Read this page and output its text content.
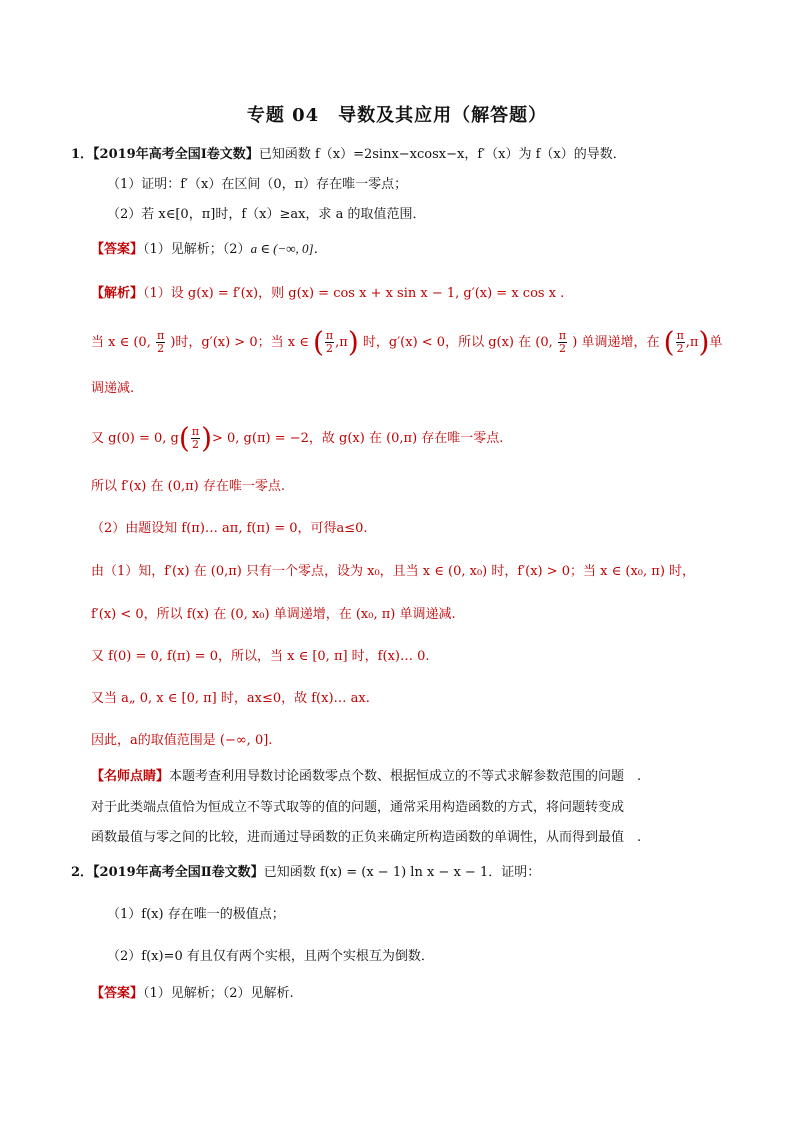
专题 04　导数及其应用（解答题）
1．【2019年高考全国Ⅰ卷文数】已知函数 f（x）=2sinx−xcosx−x，f′（x）为 f（x）的导数．
（1）证明：f′（x）在区间（0，π）存在唯一零点；
（2）若 x∈[0，π]时，f（x）≥ax，求 a 的取值范围．
【答案】（1）见解析；（2）a ∈ (−∞, 0]．
【解析】（1）设 g(x) = f′(x)，则 g(x) = cos x + x sin x − 1, g′(x) = x cos x .
当 x ∈ (0, $\frac{\pi}{2}$ )时，g′(x) > 0；当 x ∈ ( $\frac{\pi}{2} ,\pi$) 时，g′(x) < 0，所以 g(x) 在 (0, $\frac{\pi}{2}$ ) 单调递增，在 ( $\frac{\pi}{2} ,\pi$)单
调递减.
又 g(0) = 0, $g( \frac{\pi}{2}$ )> 0, g(π) = −2，故 g(x) 在 (0,π) 存在唯一零点.
所以 f′(x) 在 (0,π) 存在唯一零点.
（2）由题设知 f(π)… aπ, f(π) = 0，可得a≤0.
由（1）知，f′(x) 在 (0,π) 只有一个零点，设为 x₀，且当 x ∈ (0, x₀) 时，f′(x) > 0；当 x ∈ (x₀, π) 时，
f′(x) < 0，所以 f(x) 在 (0, x₀) 单调递增，在 (x₀, π) 单调递减.
又 f(0) = 0, f(π) = 0，所以，当 x ∈ [0, π] 时，f(x)… 0.
又当 a„ 0, x ∈ [0, π] 时，ax≤0，故 f(x)… ax.
因此，a的取值范围是 (−∞, 0].
【名师点睛】本题考查利用导数讨论函数零点个数、根据恒成立的不等式求解参数范围的问题　.
对于此类端点值恰为恒成立不等式取等的值的问题，通常采用构造函数的方式，将问题转变成
函数最值与零之间的比较，进而通过导函数的正负来确定所构造函数的单调性，从而得到最值　.
2．【2019年高考全国Ⅱ卷文数】已知函数 f(x) = (x − 1) ln x − x − 1．证明：
（1）f(x) 存在唯一的极值点；
（2）f(x)=0 有且仅有两个实根，且两个实根互为倒数．
【答案】（1）见解析；（2）见解析.
